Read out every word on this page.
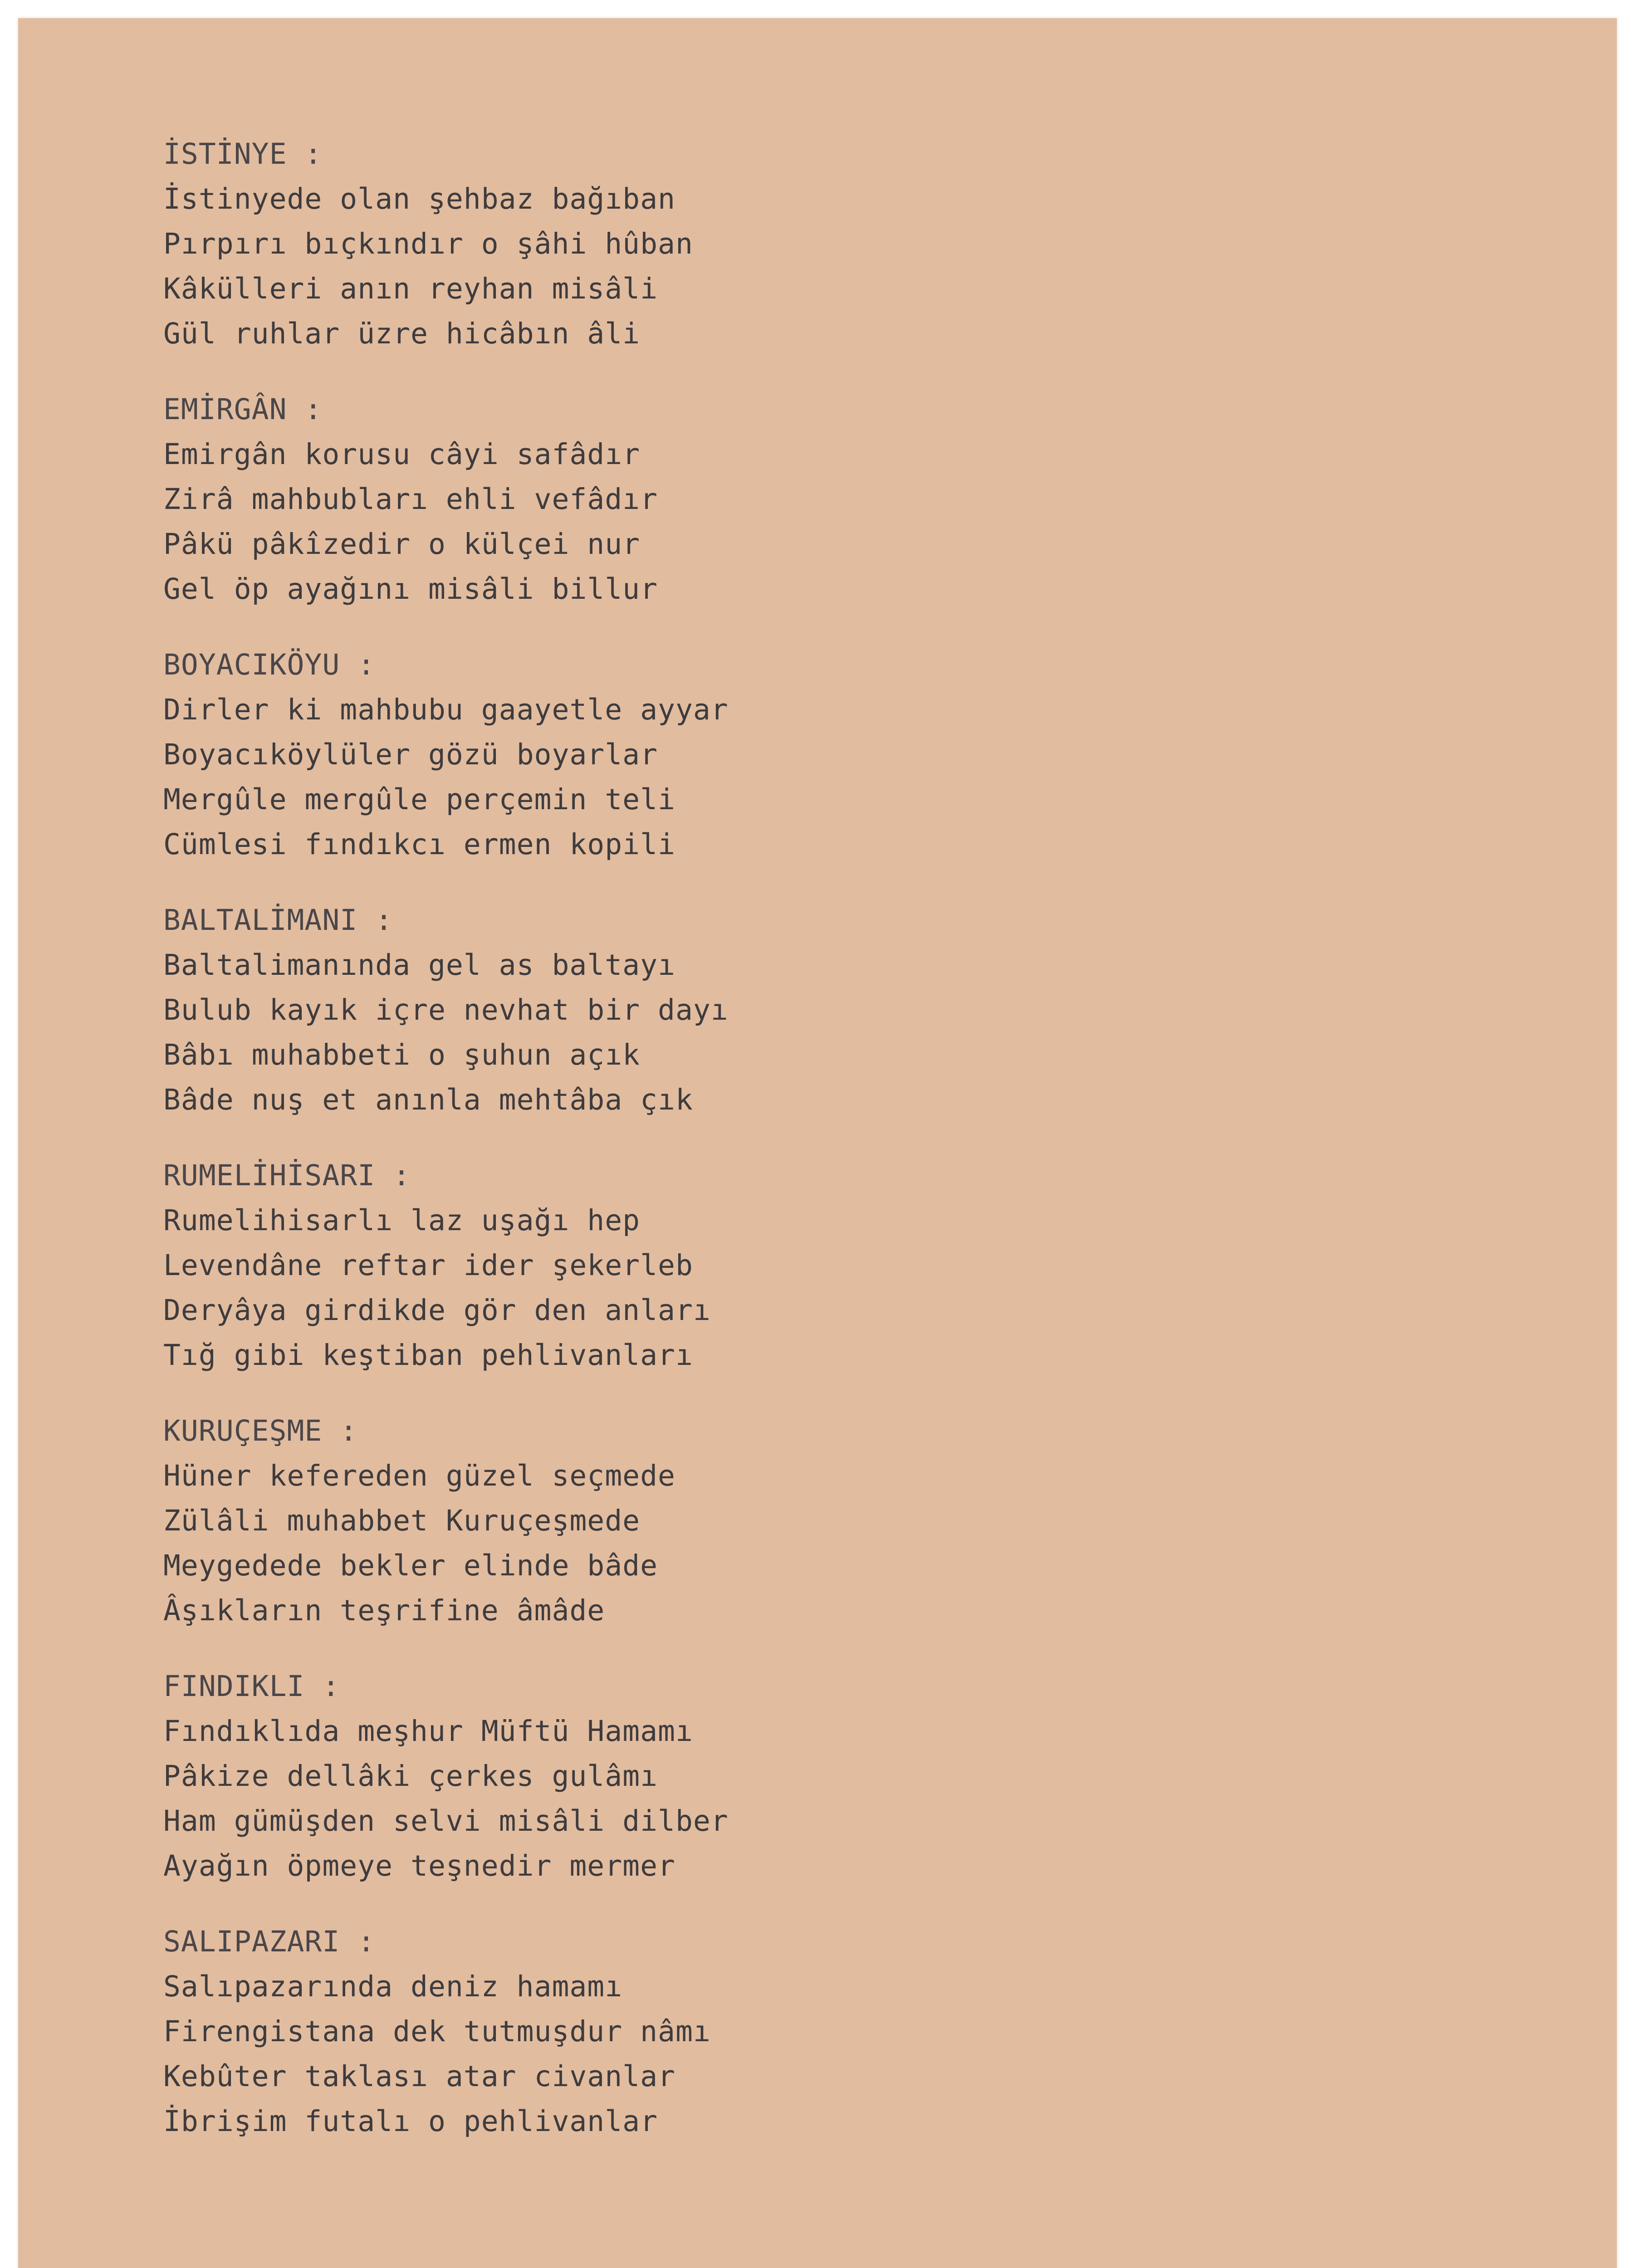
İSTİNYE :
İstinyede olan şehbaz bağıban
Pırpırı bıçkındır o şâhi hûban
Kâkülleri anın reyhan misâli
Gül ruhlar üzre hicâbın âli
EMİRGÂN :
Emirgân korusu câyi safâdır
Zirâ mahbubları ehli vefâdır
Pâkü pâkîzedir o külçei nur
Gel öp ayağını misâli billur
BOYACIKÖYU :
Dirler ki mahbubu gaayetle ayyar
Boyacıköylüler gözü boyarlar
Mergûle mergûle perçemin teli
Cümlesi fındıkcı ermen kopili
BALTALİMANI :
Baltalimanında gel as baltayı
Bulub kayık içre nevhat bir dayı
Bâbı muhabbeti o şuhun açık
Bâde nuş et anınla mehtâba çık
RUMELİHİSARI :
Rumelihisarlı laz uşağı hep
Levendâne reftar ider şekerleb
Deryâya girdikde gör den anları
Tığ gibi keştiban pehlivanları
KURUÇEŞME :
Hüner kefereden güzel seçmede
Zülâli muhabbet Kuruçeşmede
Meygedede bekler elinde bâde
Âşıkların teşrifine âmâde
FINDIKLI :
Fındıklıda meşhur Müftü Hamamı
Pâkize dellâki çerkes gulâmı
Ham gümüşden selvi misâli dilber
Ayağın öpmeye teşnedir mermer
SALIPAZARI :
Salıpazarında deniz hamamı
Firengistana dek tutmuşdur nâmı
Kebûter taklası atar civanlar
İbrişim futalı o pehlivanlar
